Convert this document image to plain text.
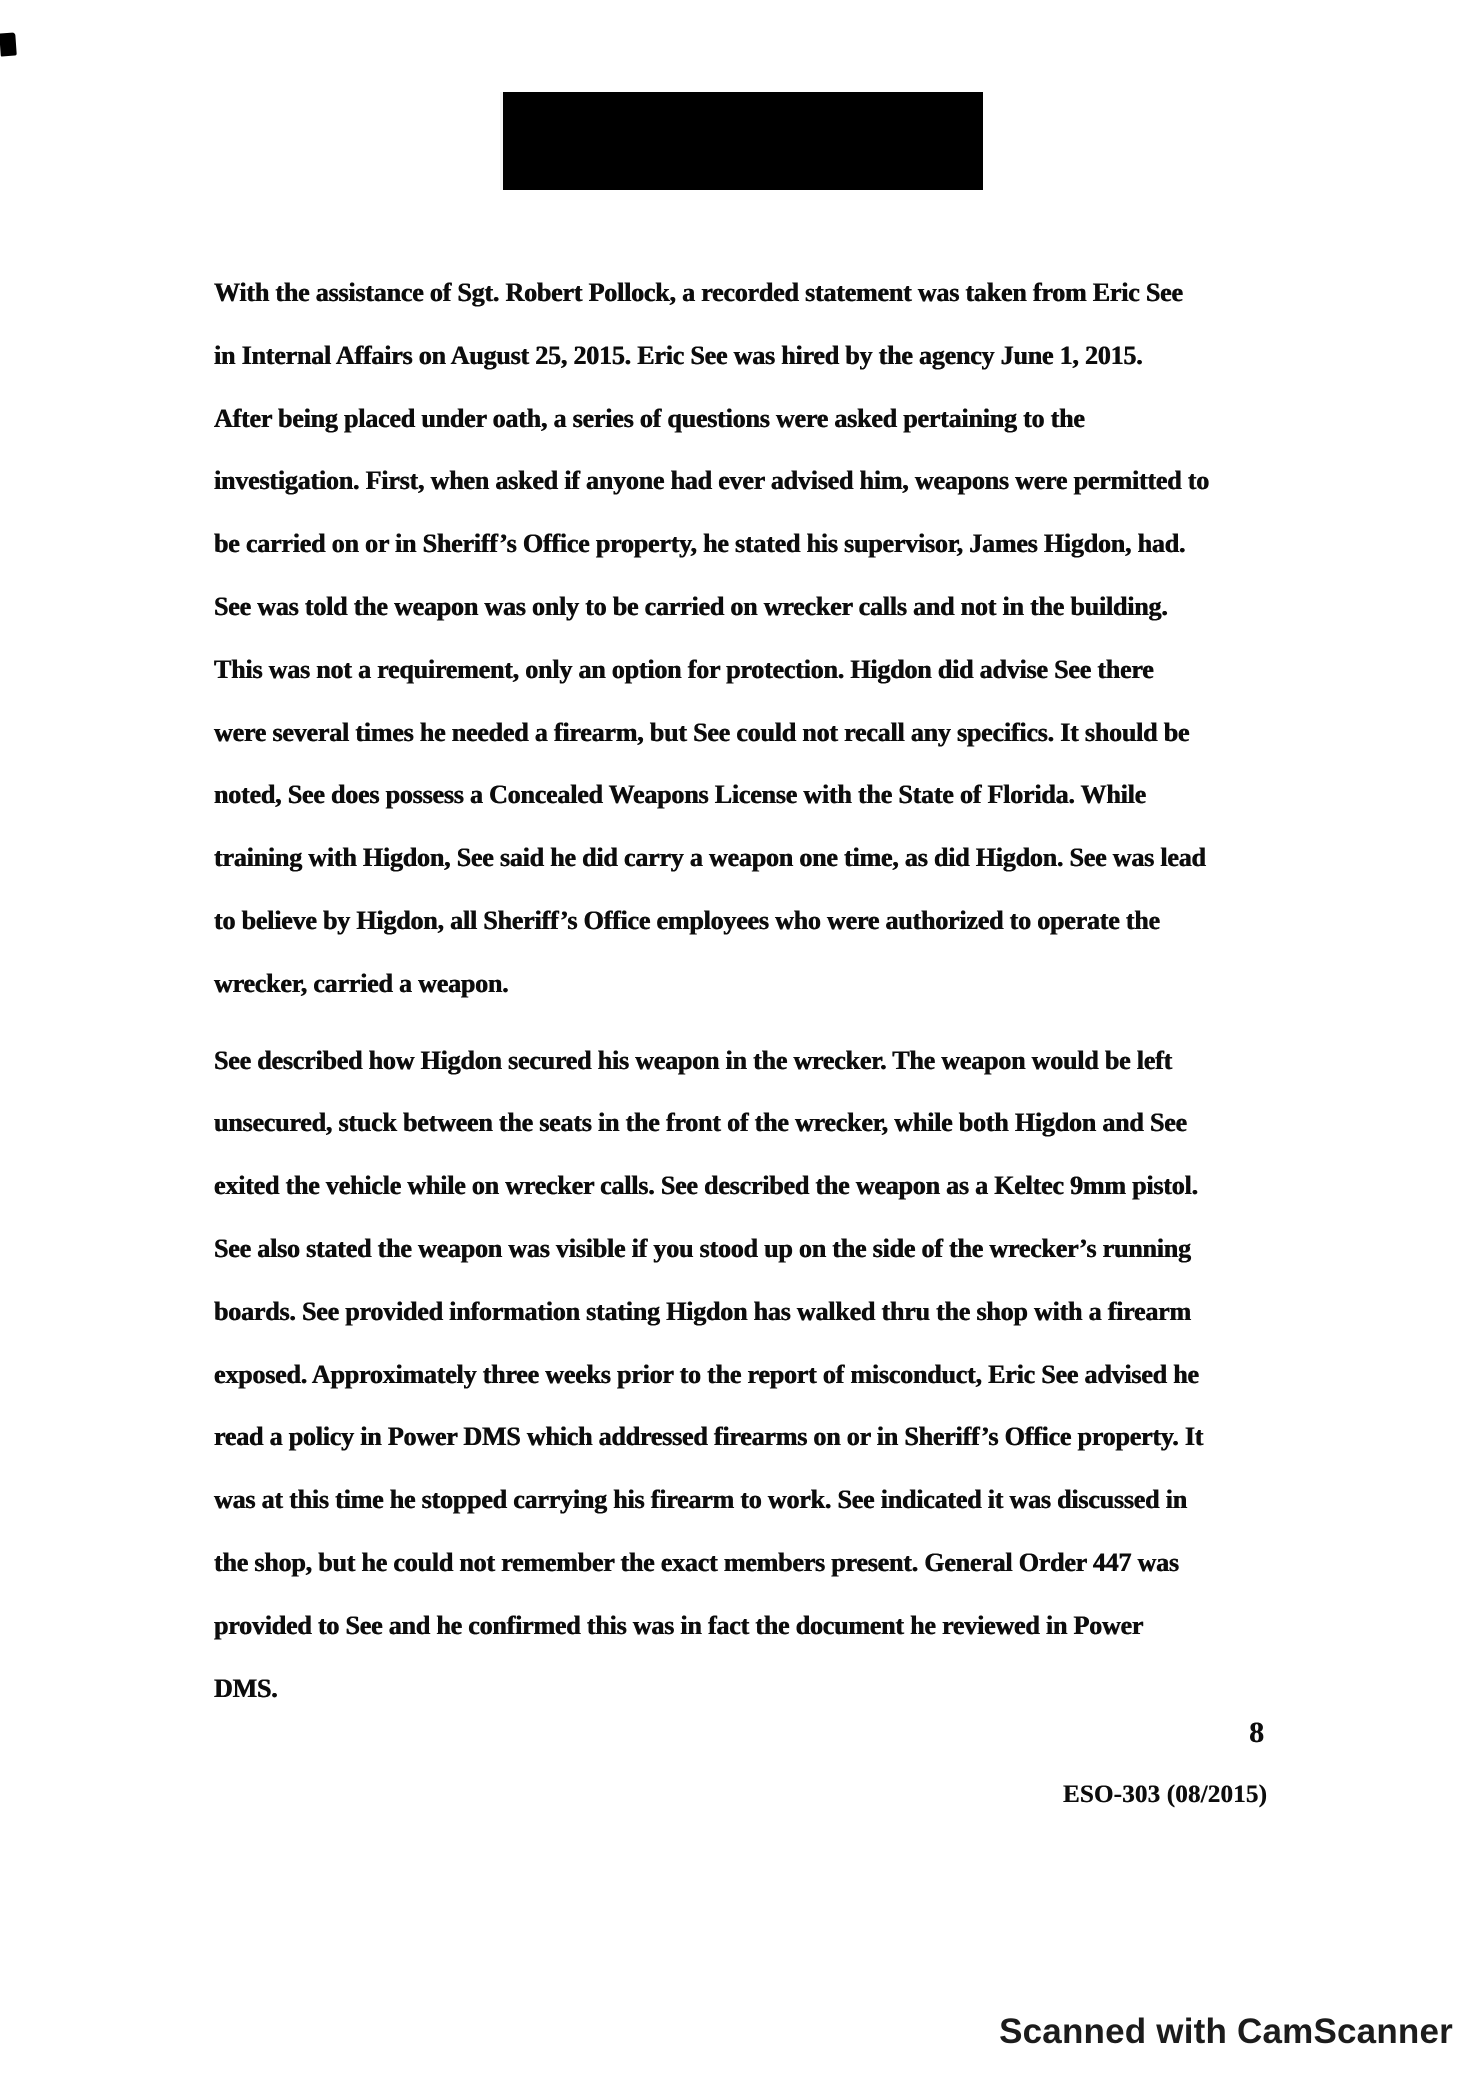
With the assistance of Sgt. Robert Pollock, a recorded statement was taken from Eric See
in Internal Affairs on August 25, 2015. Eric See was hired by the agency June 1, 2015.
After being placed under oath, a series of questions were asked pertaining to the
investigation. First, when asked if anyone had ever advised him, weapons were permitted to
be carried on or in Sheriff’s Office property, he stated his supervisor, James Higdon, had.
See was told the weapon was only to be carried on wrecker calls and not in the building.
This was not a requirement, only an option for protection. Higdon did advise See there
were several times he needed a firearm, but See could not recall any specifics. It should be
noted, See does possess a Concealed Weapons License with the State of Florida. While
training with Higdon, See said he did carry a weapon one time, as did Higdon. See was lead
to believe by Higdon, all Sheriff’s Office employees who were authorized to operate the
wrecker, carried a weapon.
See described how Higdon secured his weapon in the wrecker. The weapon would be left
unsecured, stuck between the seats in the front of the wrecker, while both Higdon and See
exited the vehicle while on wrecker calls. See described the weapon as a Keltec 9mm pistol.
See also stated the weapon was visible if you stood up on the side of the wrecker’s running
boards. See provided information stating Higdon has walked thru the shop with a firearm
exposed. Approximately three weeks prior to the report of misconduct, Eric See advised he
read a policy in Power DMS which addressed firearms on or in Sheriff’s Office property. It
was at this time he stopped carrying his firearm to work. See indicated it was discussed in
the shop, but he could not remember the exact members present. General Order 447 was
provided to See and he confirmed this was in fact the document he reviewed in Power
DMS.
8
ESO-303 (08/2015)
Scanned with CamScanner
